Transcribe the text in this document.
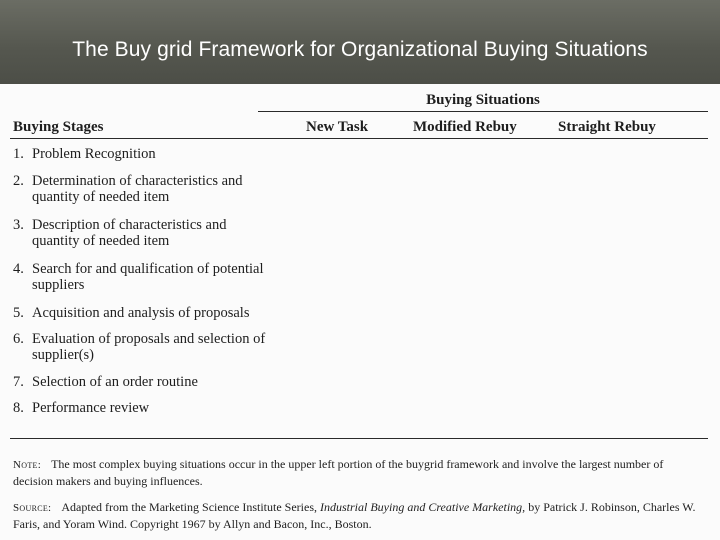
The Buy grid Framework for Organizational Buying Situations
Buying Situations
Buying Stages	New Task	Modified Rebuy	Straight Rebuy
1. Problem Recognition
2. Determination of characteristics and quantity of needed item
3. Description of characteristics and quantity of needed item
4. Search for and qualification of potential suppliers
5. Acquisition and analysis of proposals
6. Evaluation of proposals and selection of supplier(s)
7. Selection of an order routine
8. Performance review
Note: The most complex buying situations occur in the upper left portion of the buygrid framework and involve the largest number of decision makers and buying influences.
Source: Adapted from the Marketing Science Institute Series, Industrial Buying and Creative Marketing, by Patrick J. Robinson, Charles W. Faris, and Yoram Wind. Copyright 1967 by Allyn and Bacon, Inc., Boston.
